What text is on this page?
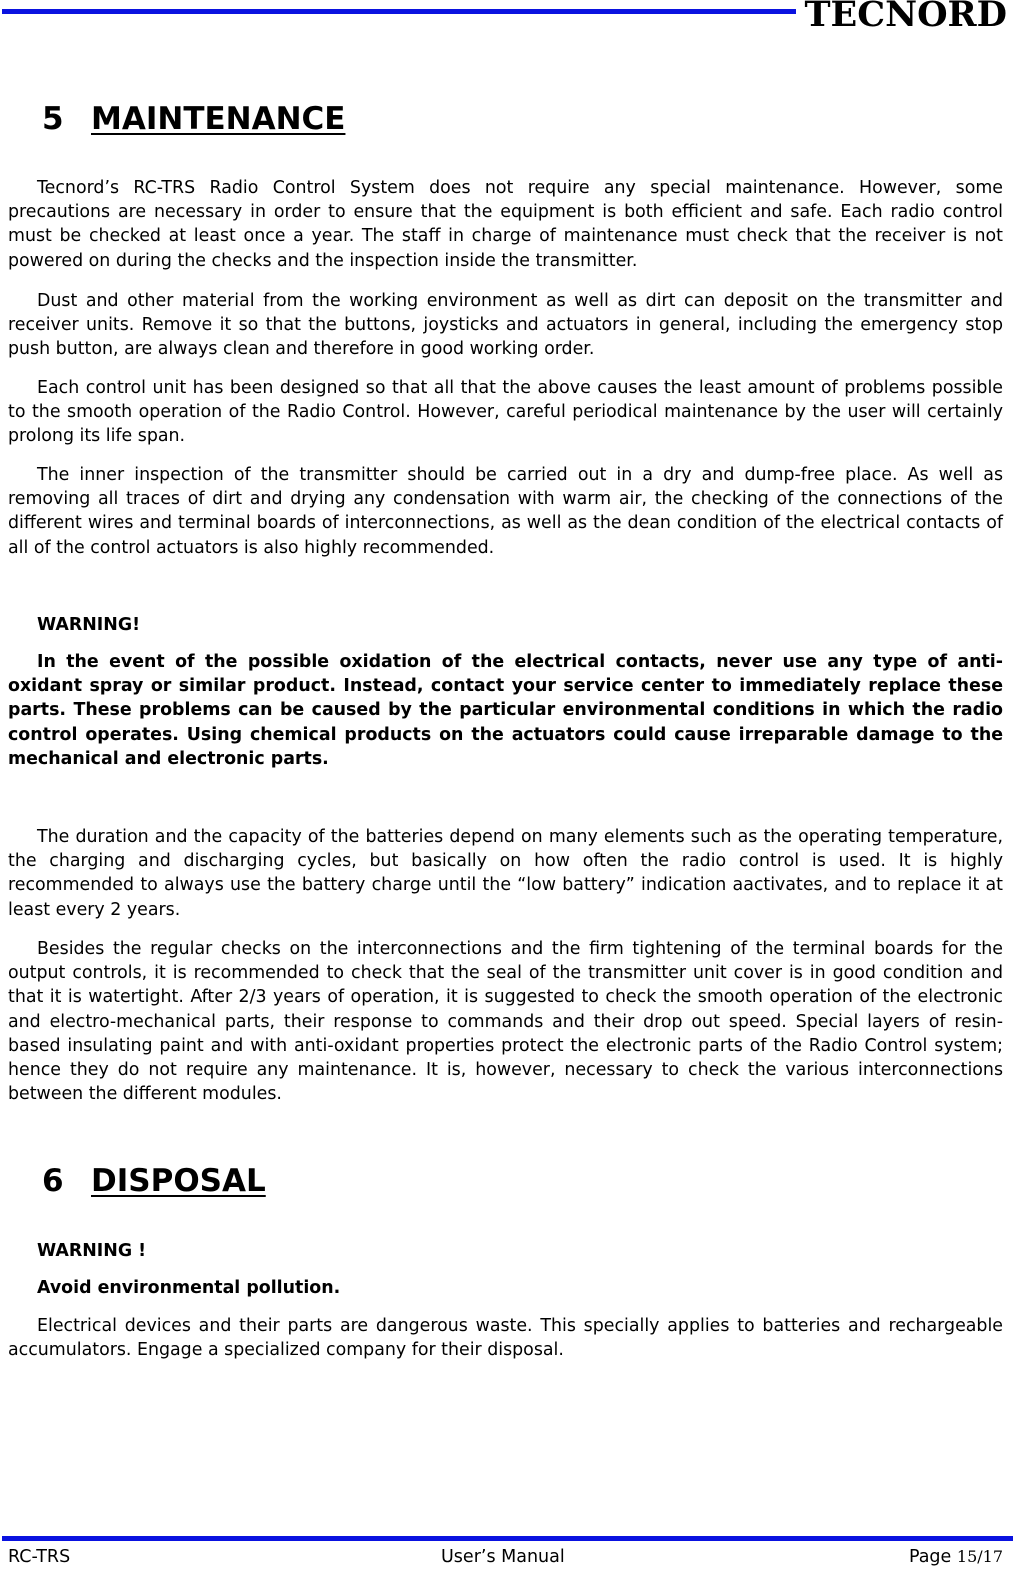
TECNORD
5 MAINTENANCE

Tecnord’s RC-TRS Radio Control System does not require any special maintenance. However, some precautions are necessary in order to ensure that the equipment is both efficient and safe. Each radio control must be checked at least once a year. The staff in charge of maintenance must check that the receiver is not powered on during the checks and the inspection inside the transmitter.

Dust and other material from the working environment as well as dirt can deposit on the transmitter and receiver units. Remove it so that the buttons, joysticks and actuators in general, including the emergency stop push button, are always clean and therefore in good working order.

Each control unit has been designed so that all that the above causes the least amount of problems possible to the smooth operation of the Radio Control. However, careful periodical maintenance by the user will certainly prolong its life span.

The inner inspection of the transmitter should be carried out in a dry and dump-free place. As well as removing all traces of dirt and drying any condensation with warm air, the checking of the connections of the different wires and terminal boards of interconnections, as well as the dean condition of the electrical contacts of all of the control actuators is also highly recommended.

WARNING!

In the event of the possible oxidation of the electrical contacts, never use any type of anti-oxidant spray or similar product. Instead, contact your service center to immediately replace these parts. These problems can be caused by the particular environmental conditions in which the radio control operates. Using chemical products on the actuators could cause irreparable damage to the mechanical and electronic parts.

The duration and the capacity of the batteries depend on many elements such as the operating temperature, the charging and discharging cycles, but basically on how often the radio control is used. It is highly recommended to always use the battery charge until the “low battery” indication aactivates, and to replace it at least every 2 years.

Besides the regular checks on the interconnections and the firm tightening of the terminal boards for the output controls, it is recommended to check that the seal of the transmitter unit cover is in good condition and that it is watertight. After 2/3 years of operation, it is suggested to check the smooth operation of the electronic and electro-mechanical parts, their response to commands and their drop out speed. Special layers of resin-based insulating paint and with anti-oxidant properties protect the electronic parts of the Radio Control system; hence they do not require any maintenance. It is, however, necessary to check the various interconnections between the different modules.

6 DISPOSAL

WARNING !

Avoid environmental pollution.

Electrical devices and their parts are dangerous waste. This specially applies to batteries and rechargeable accumulators. Engage a specialized company for their disposal.

RC-TRS	User’s Manual	Page 15/17
